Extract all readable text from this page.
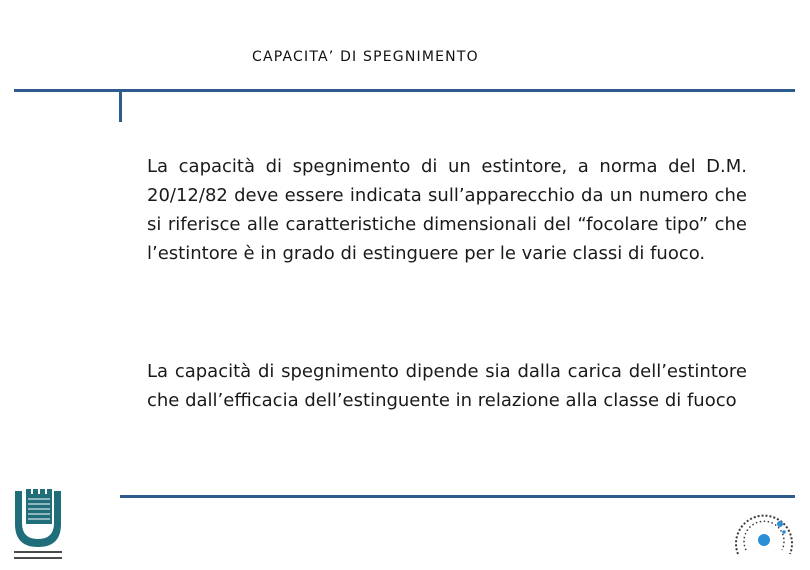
CAPACITA’ DI SPEGNIMENTO

La capacità di spegnimento di un estintore, a norma del D.M. 20/12/82 deve essere indicata sull’apparecchio da un numero che si riferisce alle caratteristiche dimensionali del “focolare tipo” che l’estintore è in grado di estinguere per le varie classi di fuoco.

La capacità di spegnimento dipende sia dalla carica dell’estintore che dall’efficacia dell’estinguente in relazione alla classe di fuoco
